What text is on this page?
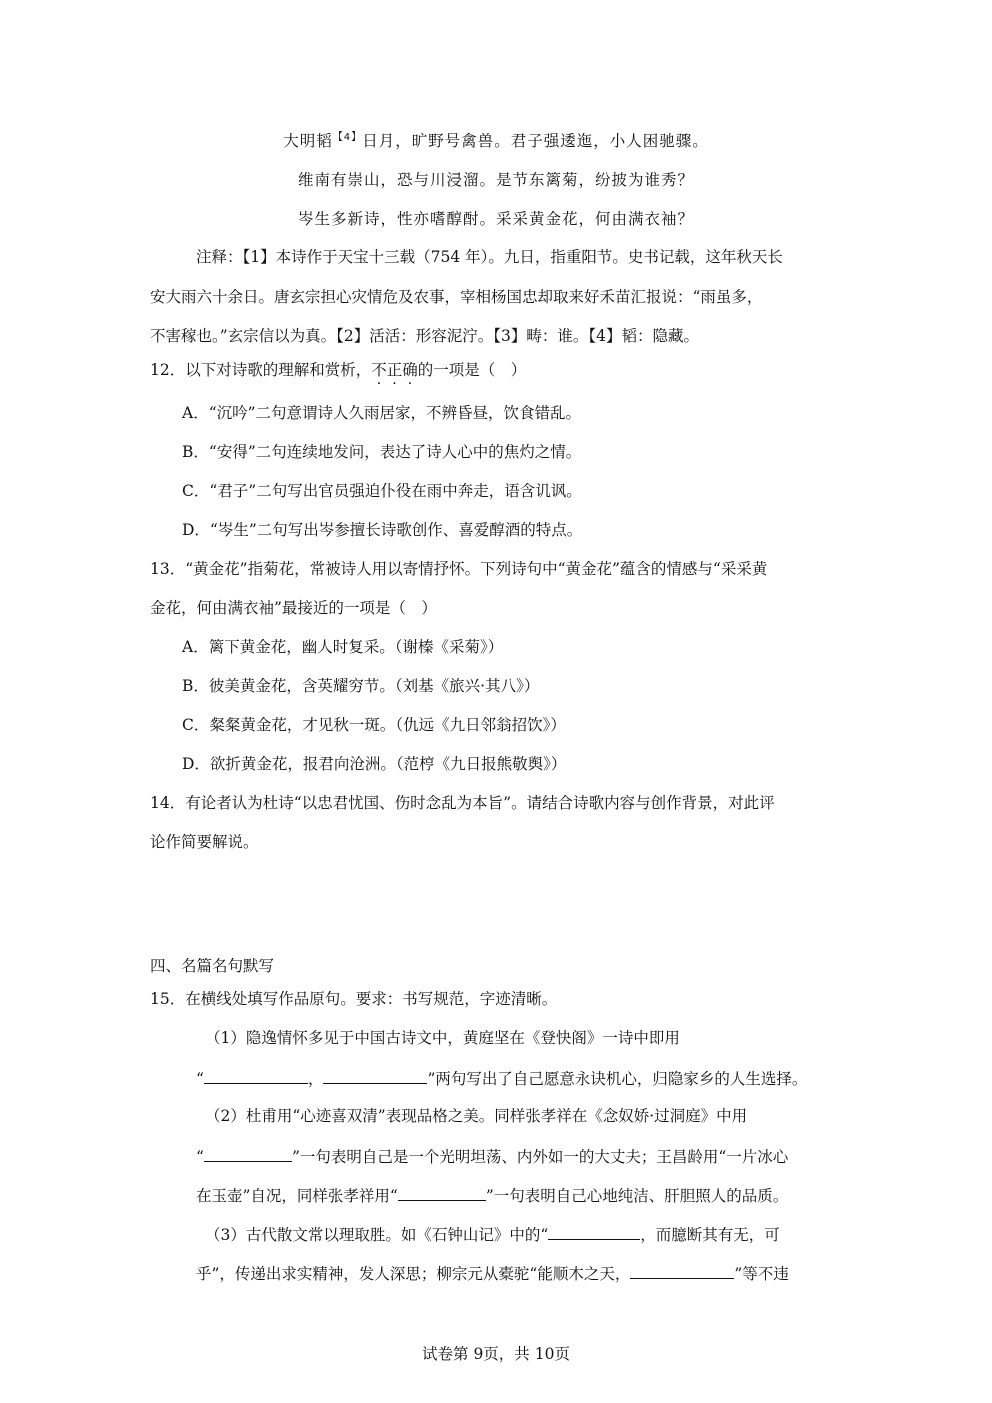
大明韬$^{【4】}$日月，旷野号禽兽。君子强逶迤，小人困驰骤。
维南有崇山，恐与川浸溜。是节东篱菊，纷披为谁秀？
岑生多新诗，性亦嗜醇酎。采采黄金花，何由满衣袖？
注释：【1】本诗作于天宝十三载（754 年）。九日，指重阳节。史书记载，这年秋天长
安大雨六十余日。唐玄宗担心灾情危及农事，宰相杨国忠却取来好禾苗汇报说：“雨虽多，
不害稼也。”玄宗信以为真。【2】活活：形容泥泞。【3】畴：谁。【4】韬：隐藏。
12．以下对诗歌的理解和赏析，不正确的一项是（　）
A．“沉吟”二句意谓诗人久雨居家，不辨昏昼，饮食错乱。
B．“安得”二句连续地发问，表达了诗人心中的焦灼之情。
C．“君子”二句写出官员强迫仆役在雨中奔走，语含讥讽。
D．“岑生”二句写出岑参擅长诗歌创作、喜爱醇酒的特点。
13．“黄金花”指菊花，常被诗人用以寄情抒怀。下列诗句中“黄金花”蕴含的情感与“采采黄
金花，何由满衣袖”最接近的一项是（　）
A．篱下黄金花，幽人时复采。（谢榛《采菊》）
B．彼美黄金花，含英耀穷节。（刘基《旅兴·其八》）
C．粲粲黄金花，才见秋一斑。（仇远《九日邻翁招饮》）
D．欲折黄金花，报君向沧洲。（范梈《九日报熊敬舆》）
14．有论者认为杜诗“以忠君忧国、伤时念乱为本旨”。请结合诗歌内容与创作背景，对此评
论作简要解说。
四、名篇名句默写
15．在横线处填写作品原句。要求：书写规范，字迹清晰。
（1）隐逸情怀多见于中国古诗文中，黄庭坚在《登快阁》一诗中即用
“	，	”两句写出了自己愿意永诀机心，归隐家乡的人生选择。
（2）杜甫用“心迹喜双清”表现品格之美。同样张孝祥在《念奴娇·过洞庭》中用
“	”一句表明自己是一个光明坦荡、内外如一的大丈夫；王昌龄用“一片冰心
在玉壶”自况，同样张孝祥用“	”一句表明自己心地纯洁、肝胆照人的品质。
（3）古代散文常以理取胜。如《石钟山记》中的“	，而臆断其有无，可
乎”，传递出求实精神，发人深思；柳宗元从橐驼“能顺木之天，	”等不违
试卷第 9页，共 10页
